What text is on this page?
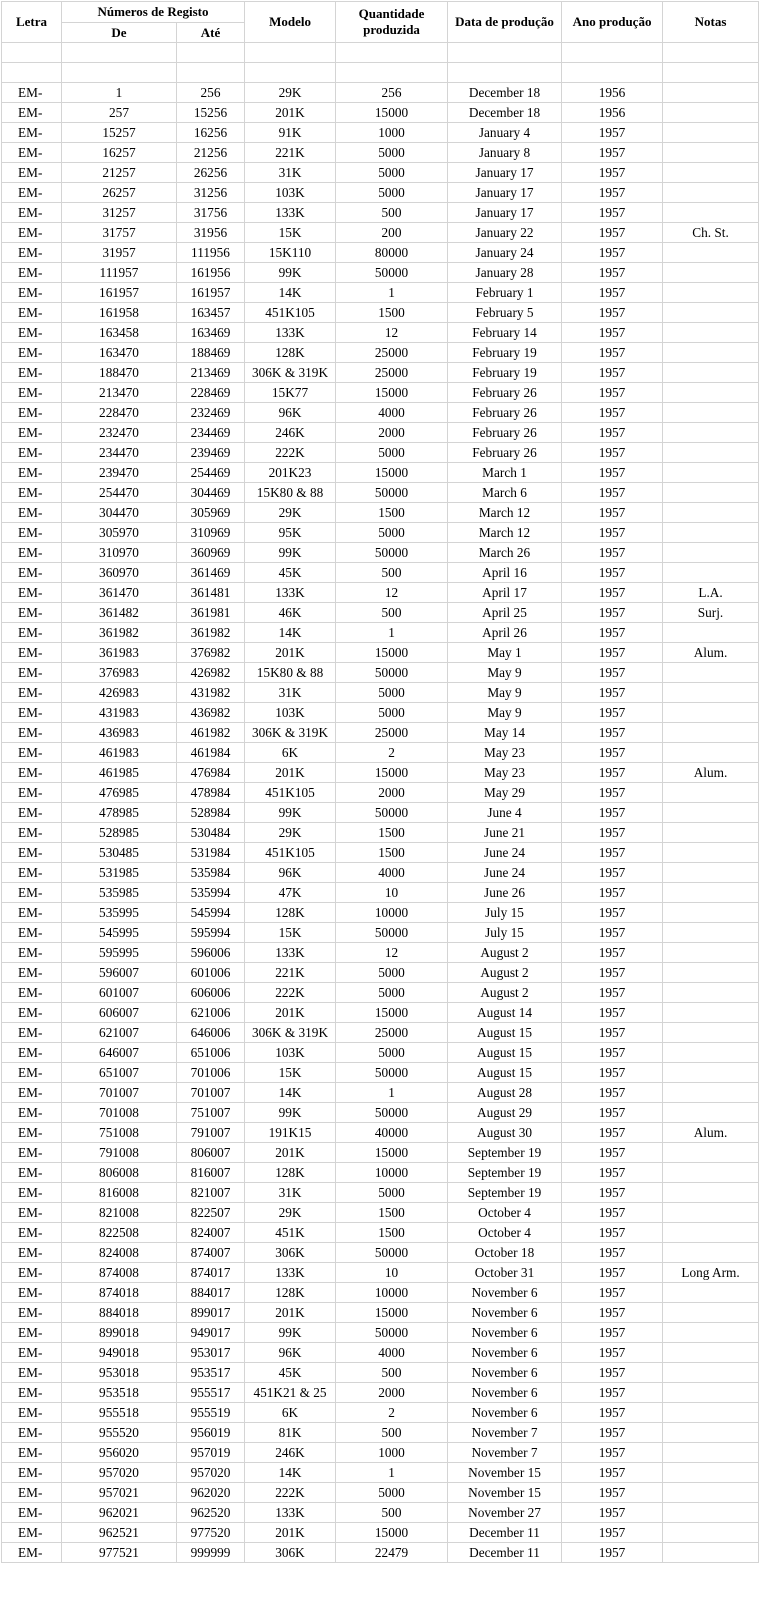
Letra	Números de Registo		Modelo	Quantidade produzida	Data de produção	Ano produção	Notas
	De	Até					

EM-	1	256	29K	256	December 18	1956	
EM-	257	15256	201K	15000	December 18	1956	
EM-	15257	16256	91K	1000	January 4	1957	
EM-	16257	21256	221K	5000	January 8	1957	
EM-	21257	26256	31K	5000	January 17	1957	
EM-	26257	31256	103K	5000	January 17	1957	
EM-	31257	31756	133K	500	January 17	1957	
EM-	31757	31956	15K	200	January 22	1957	Ch. St.
EM-	31957	111956	15K110	80000	January 24	1957	
EM-	111957	161956	99K	50000	January 28	1957	
EM-	161957	161957	14K	1	February 1	1957	
EM-	161958	163457	451K105	1500	February 5	1957	
EM-	163458	163469	133K	12	February 14	1957	
EM-	163470	188469	128K	25000	February 19	1957	
EM-	188470	213469	306K & 319K	25000	February 19	1957	
EM-	213470	228469	15K77	15000	February 26	1957	
EM-	228470	232469	96K	4000	February 26	1957	
EM-	232470	234469	246K	2000	February 26	1957	
EM-	234470	239469	222K	5000	February 26	1957	
EM-	239470	254469	201K23	15000	March 1	1957	
EM-	254470	304469	15K80 & 88	50000	March 6	1957	
EM-	304470	305969	29K	1500	March 12	1957	
EM-	305970	310969	95K	5000	March 12	1957	
EM-	310970	360969	99K	50000	March 26	1957	
EM-	360970	361469	45K	500	April 16	1957	
EM-	361470	361481	133K	12	April 17	1957	L.A.
EM-	361482	361981	46K	500	April 25	1957	Surj.
EM-	361982	361982	14K	1	April 26	1957	
EM-	361983	376982	201K	15000	May 1	1957	Alum.
EM-	376983	426982	15K80 & 88	50000	May 9	1957	
EM-	426983	431982	31K	5000	May 9	1957	
EM-	431983	436982	103K	5000	May 9	1957	
EM-	436983	461982	306K & 319K	25000	May 14	1957	
EM-	461983	461984	6K	2	May 23	1957	
EM-	461985	476984	201K	15000	May 23	1957	Alum.
EM-	476985	478984	451K105	2000	May 29	1957	
EM-	478985	528984	99K	50000	June 4	1957	
EM-	528985	530484	29K	1500	June 21	1957	
EM-	530485	531984	451K105	1500	June 24	1957	
EM-	531985	535984	96K	4000	June 24	1957	
EM-	535985	535994	47K	10	June 26	1957	
EM-	535995	545994	128K	10000	July 15	1957	
EM-	545995	595994	15K	50000	July 15	1957	
EM-	595995	596006	133K	12	August 2	1957	
EM-	596007	601006	221K	5000	August 2	1957	
EM-	601007	606006	222K	5000	August 2	1957	
EM-	606007	621006	201K	15000	August 14	1957	
EM-	621007	646006	306K & 319K	25000	August 15	1957	
EM-	646007	651006	103K	5000	August 15	1957	
EM-	651007	701006	15K	50000	August 15	1957	
EM-	701007	701007	14K	1	August 28	1957	
EM-	701008	751007	99K	50000	August 29	1957	
EM-	751008	791007	191K15	40000	August 30	1957	Alum.
EM-	791008	806007	201K	15000	September 19	1957	
EM-	806008	816007	128K	10000	September 19	1957	
EM-	816008	821007	31K	5000	September 19	1957	
EM-	821008	822507	29K	1500	October 4	1957	
EM-	822508	824007	451K	1500	October 4	1957	
EM-	824008	874007	306K	50000	October 18	1957	
EM-	874008	874017	133K	10	October 31	1957	Long Arm.
EM-	874018	884017	128K	10000	November 6	1957	
EM-	884018	899017	201K	15000	November 6	1957	
EM-	899018	949017	99K	50000	November 6	1957	
EM-	949018	953017	96K	4000	November 6	1957	
EM-	953018	953517	45K	500	November 6	1957	
EM-	953518	955517	451K21 & 25	2000	November 6	1957	
EM-	955518	955519	6K	2	November 6	1957	
EM-	955520	956019	81K	500	November 7	1957	
EM-	956020	957019	246K	1000	November 7	1957	
EM-	957020	957020	14K	1	November 15	1957	
EM-	957021	962020	222K	5000	November 15	1957	
EM-	962021	962520	133K	500	November 27	1957	
EM-	962521	977520	201K	15000	December 11	1957	
EM-	977521	999999	306K	22479	December 11	1957	
